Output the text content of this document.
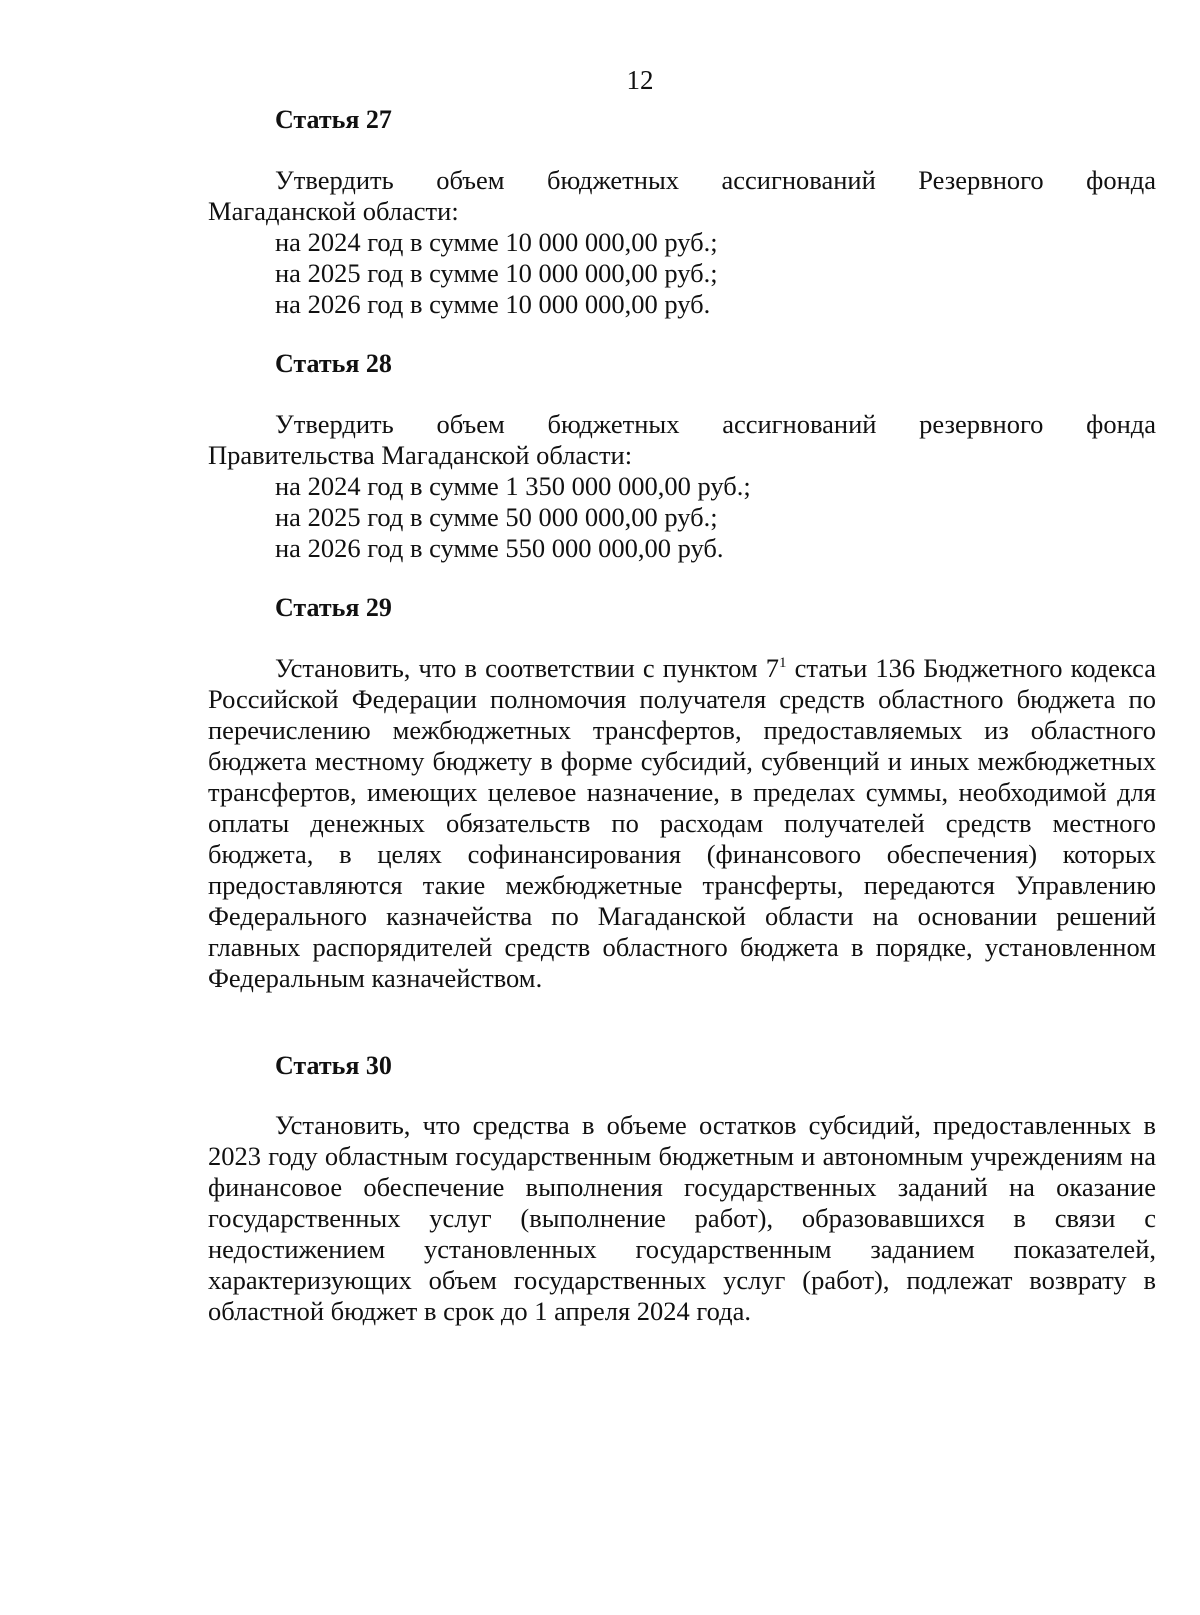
12
Статья 27
Утвердить объем бюджетных ассигнований Резервного фонда
Магаданской области:
на 2024 год в сумме 10 000 000,00 руб.;
на 2025 год в сумме 10 000 000,00 руб.;
на 2026 год в сумме 10 000 000,00 руб.
Статья 28
Утвердить объем бюджетных ассигнований резервного фонда
Правительства Магаданской области:
на 2024 год в сумме 1 350 000 000,00 руб.;
на 2025 год в сумме 50 000 000,00 руб.;
на 2026 год в сумме 550 000 000,00 руб.
Статья 29
Установить, что в соответствии с пунктом $7^1$ статьи 136 Бюджетного кодекса Российской Федерации полномочия получателя средств областного бюджета по перечислению межбюджетных трансфертов, предоставляемых из областного бюджета местному бюджету в форме субсидий, субвенций и иных межбюджетных трансфертов, имеющих целевое назначение, в пределах суммы, необходимой для оплаты денежных обязательств по расходам получателей средств местного бюджета, в целях софинансирования (финансового обеспечения) которых предоставляются такие межбюджетные трансферты, передаются Управлению Федерального казначейства по Магаданской области на основании решений главных распорядителей средств областного бюджета в порядке, установленном Федеральным казначейством.
Статья 30
Установить, что средства в объеме остатков субсидий, предоставленных в 2023 году областным государственным бюджетным и автономным учреждениям на финансовое обеспечение выполнения государственных заданий на оказание государственных услуг (выполнение работ), образовавшихся в связи с недостижением установленных государственным заданием показателей, характеризующих объем государственных услуг (работ), подлежат возврату в областной бюджет в срок до 1 апреля 2024 года.
